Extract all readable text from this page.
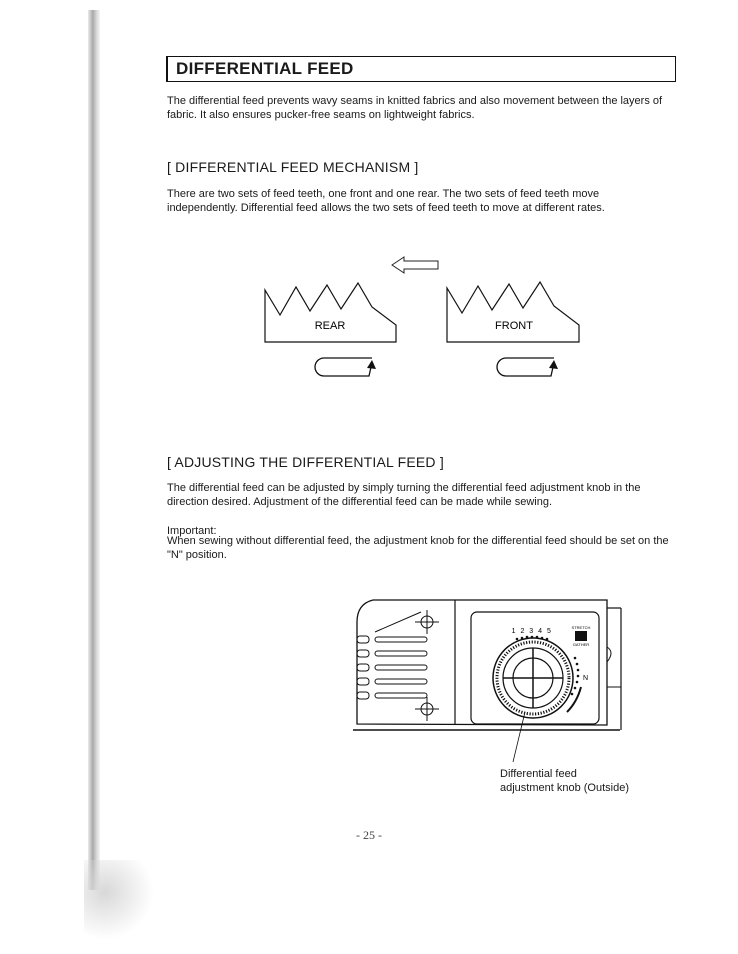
DIFFERENTIAL FEED
The differential feed prevents wavy seams in knitted fabrics and also movement between the layers of fabric. It also ensures pucker-free seams on lightweight fabrics.
[ DIFFERENTIAL FEED MECHANISM ]
There are two sets of feed teeth, one front and one rear. The two sets of feed teeth move independently. Differential feed allows the two sets of feed teeth to move at different rates.
REAR	FRONT
[ ADJUSTING THE DIFFERENTIAL FEED ]
The differential feed can be adjusted by simply turning the differential feed adjustment knob in the direction desired. Adjustment of the differential feed can be made while sewing.
Important:
When sewing without differential feed, the adjustment knob for the differential feed should be set on the "N" position.
1 2 3 4 5
STRETCH
GATHER
N
Differential feed
adjustment knob (Outside)
- 25 -
